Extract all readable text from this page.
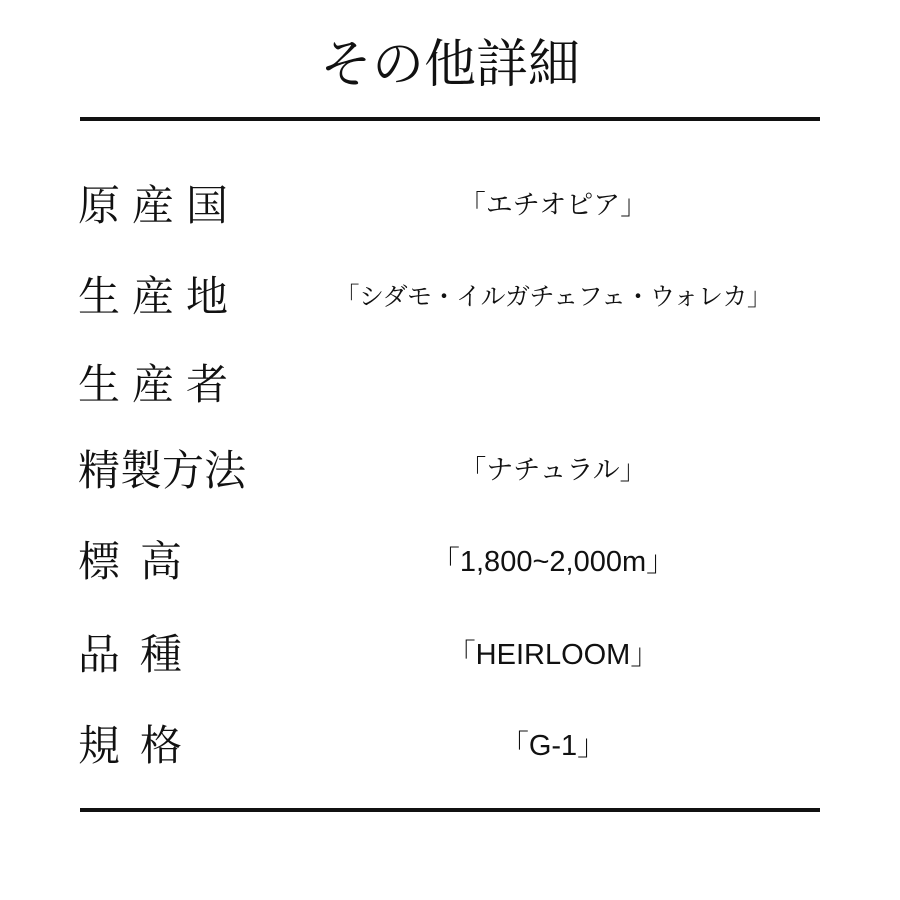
その他詳細
原産国	「エチオピア」
生産地	「シダモ・イルガチェフェ・ウォレカ」
生産者
精製方法	「ナチュラル」
標高	「1,800~2,000m」
品種	「HEIRLOOM」
規格	「G-1」
